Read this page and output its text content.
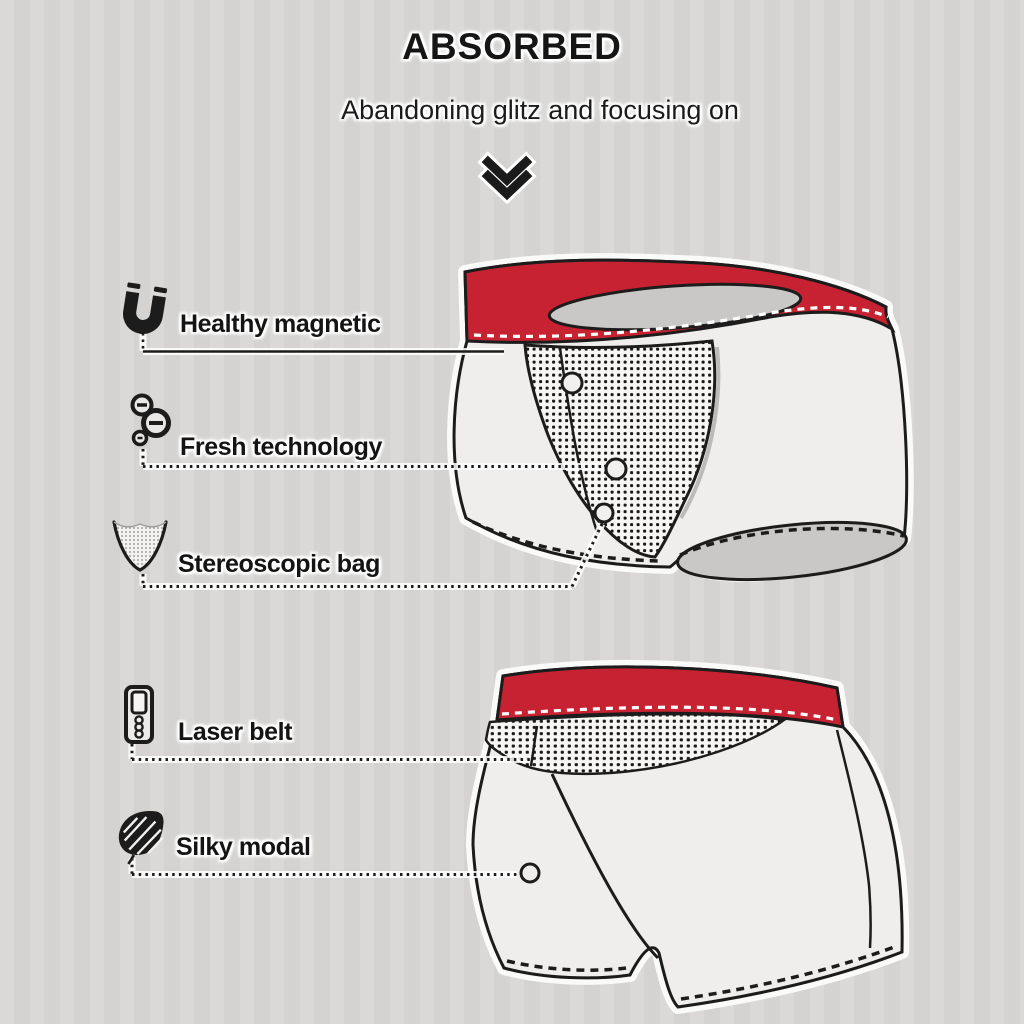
ABSORBED

Abandoning glitz and focusing on

Healthy magnetic
Fresh technology
Stereoscopic bag
Laser belt
Silky modal
